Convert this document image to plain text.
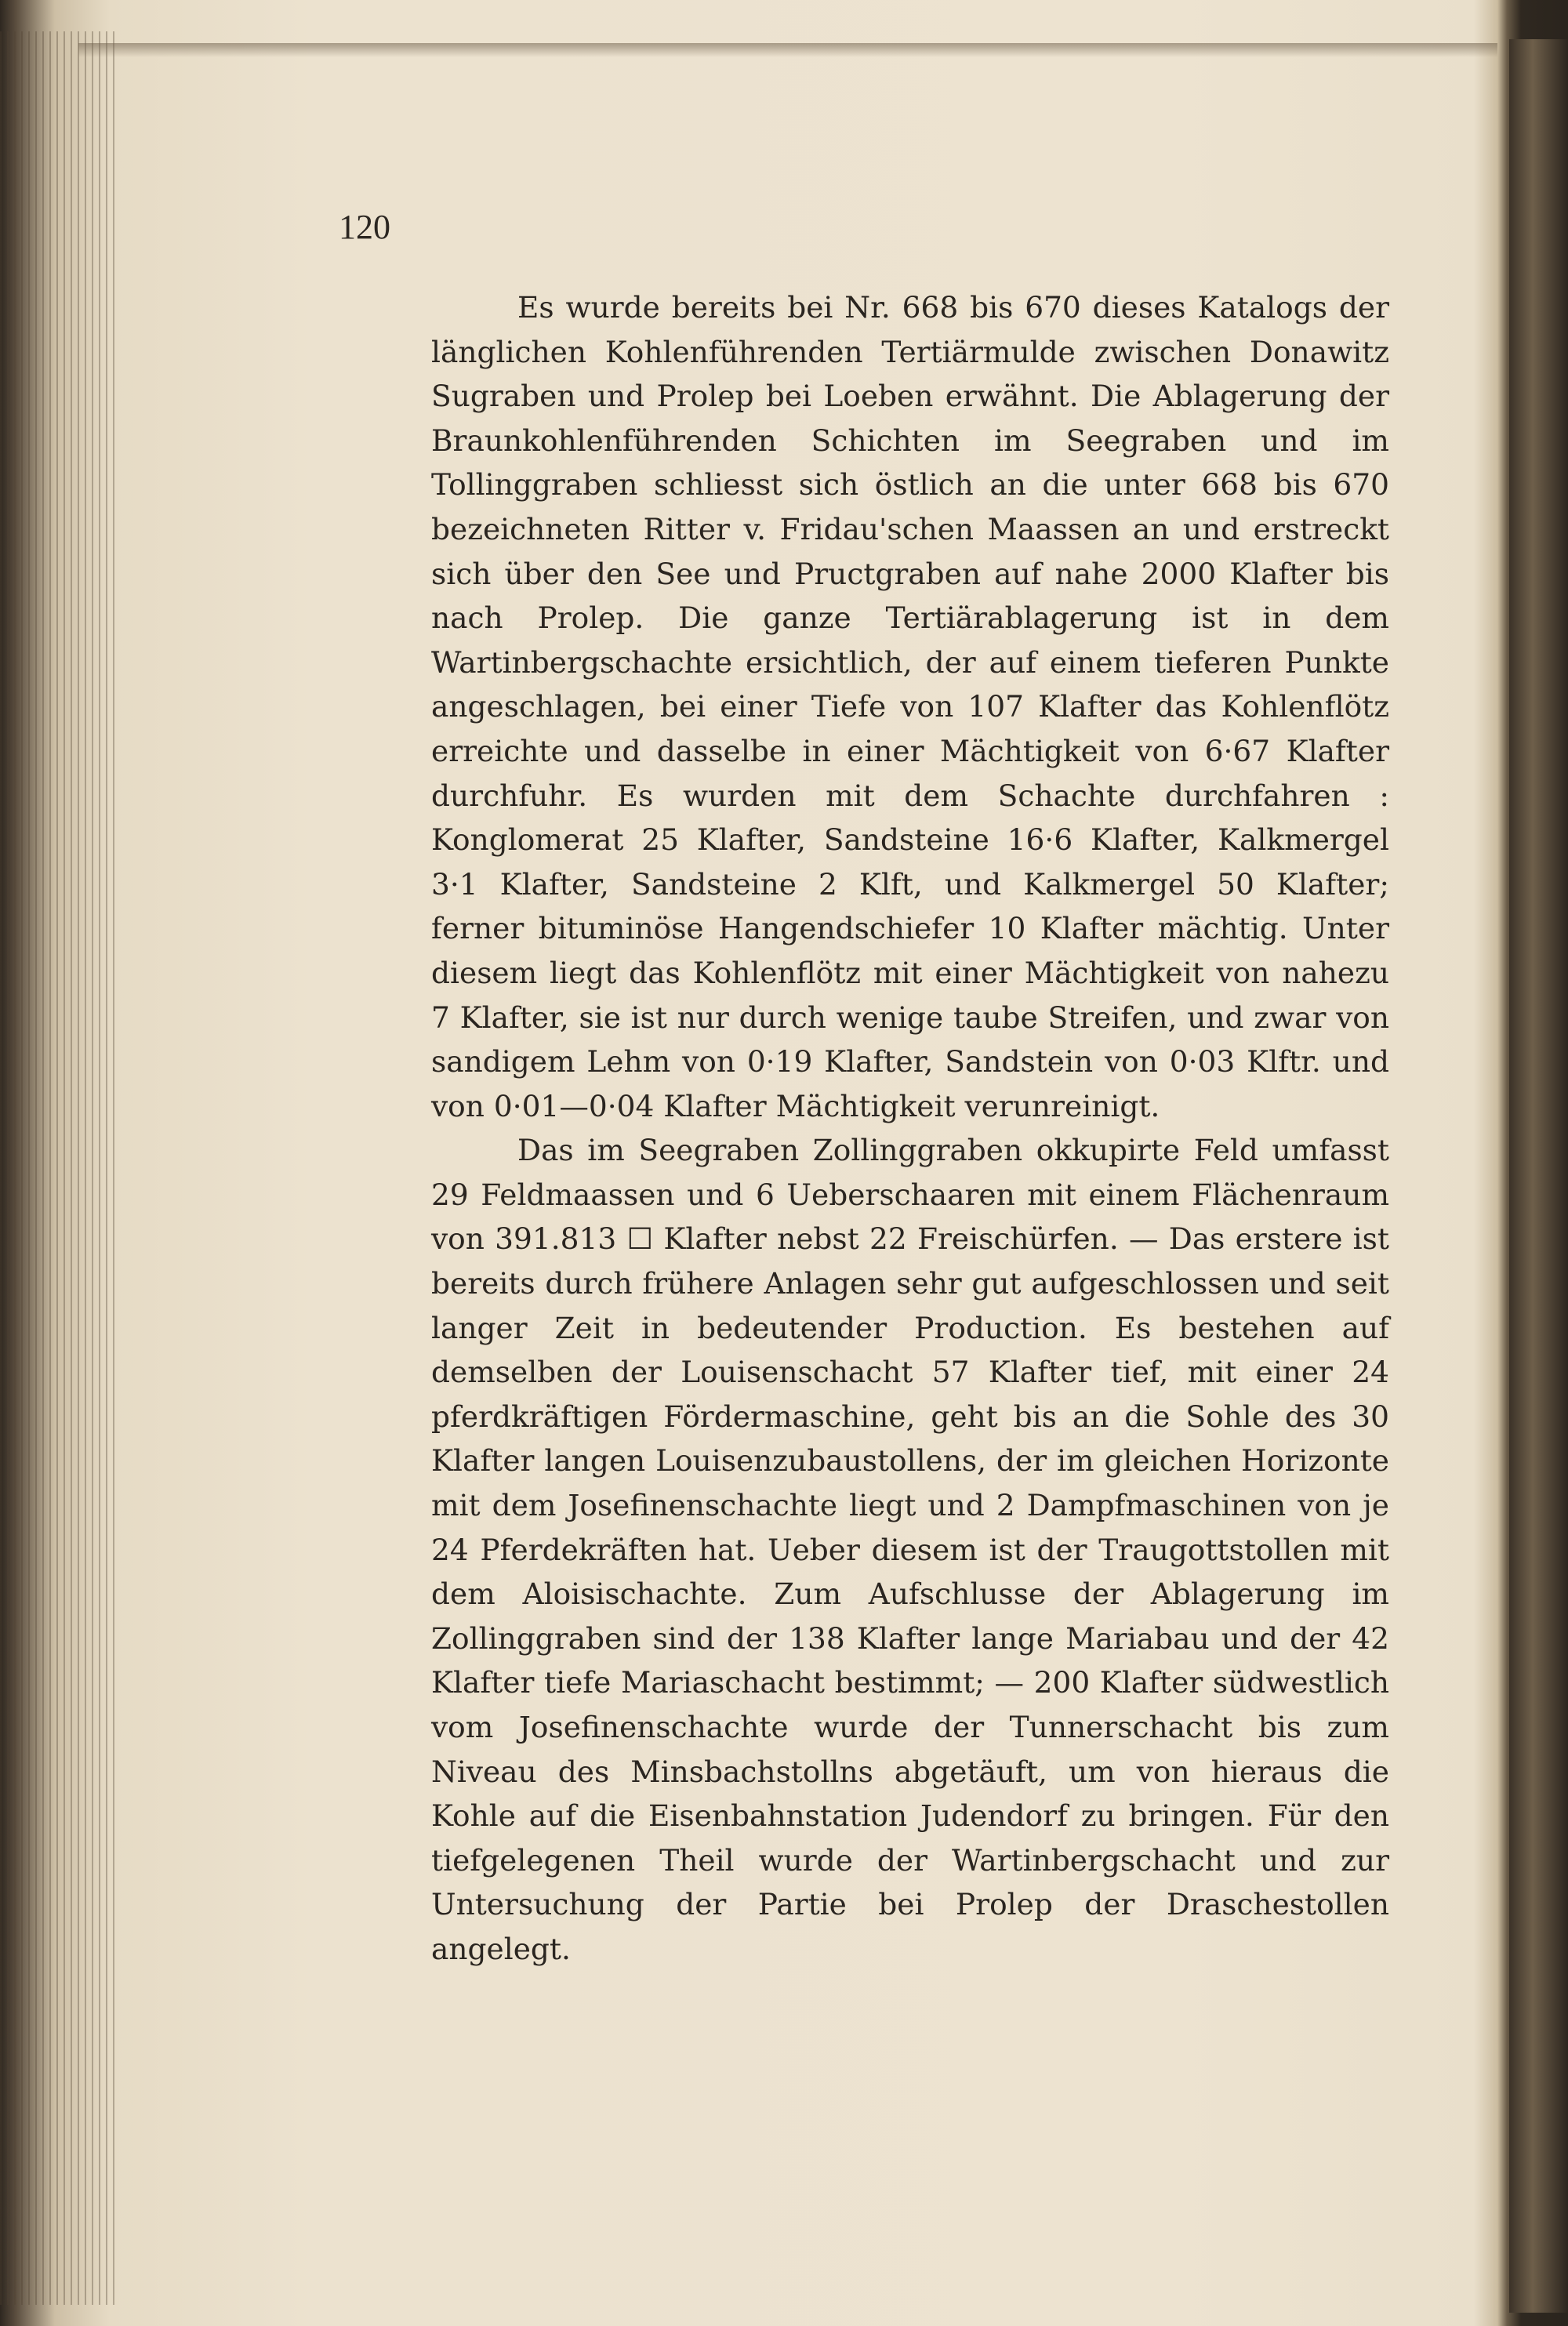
120

Es wurde bereits bei Nr. 668 bis 670 dieses Katalogs der länglichen Kohlenführenden Tertiärmulde zwischen Donawitz Sugraben und Prolep bei Loeben erwähnt. Die Ablagerung der Braunkohlenführenden Schichten im Seegraben und im Tollinggraben schliesst sich östlich an die unter 668 bis 670 bezeichneten Ritter v. Fridau'schen Maassen an und erstreckt sich über den See und Pructgraben auf nahe 2000 Klafter bis nach Prolep. Die ganze Tertiärablagerung ist in dem Wartinbergschachte ersichtlich, der auf einem tieferen Punkte angeschlagen, bei einer Tiefe von 107 Klafter das Kohlenflötz erreichte und dasselbe in einer Mächtigkeit von 6·67 Klafter durchfuhr. Es wurden mit dem Schachte durchfahren : Konglomerat 25 Klafter, Sandsteine 16·6 Klafter, Kalkmergel 3·1 Klafter, Sandsteine 2 Klft, und Kalkmergel 50 Klafter; ferner bituminöse Hangendschiefer 10 Klafter mächtig. Unter diesem liegt das Kohlenflötz mit einer Mächtigkeit von nahezu 7 Klafter, sie ist nur durch wenige taube Streifen, und zwar von sandigem Lehm von 0·19 Klafter, Sandstein von 0·03 Klftr. und von 0·01—0·04 Klafter Mächtigkeit verunreinigt.

Das im Seegraben Zollinggraben okkupirte Feld umfasst 29 Feldmaassen und 6 Ueberschaaren mit einem Flächenraum von 391.813 ☐ Klafter nebst 22 Freischürfen. — Das erstere ist bereits durch frühere Anlagen sehr gut aufgeschlossen und seit langer Zeit in bedeutender Production. Es bestehen auf demselben der Louisenschacht 57 Klafter tief, mit einer 24 pferdkräftigen Fördermaschine, geht bis an die Sohle des 30 Klafter langen Louisenzubaustollens, der im gleichen Horizonte mit dem Josefinenschachte liegt und 2 Dampfmaschinen von je 24 Pferdekräften hat. Ueber diesem ist der Traugottstollen mit dem Aloisischachte. Zum Aufschlusse der Ablagerung im Zollinggraben sind der 138 Klafter lange Mariabau und der 42 Klafter tiefe Mariaschacht bestimmt; — 200 Klafter südwestlich vom Josefinenschachte wurde der Tunnerschacht bis zum Niveau des Minsbachstollns abgetäuft, um von hieraus die Kohle auf die Eisenbahnstation Judendorf zu bringen. Für den tiefgelegenen Theil wurde der Wartinbergschacht und zur Untersuchung der Partie bei Prolep der Draschestollen angelegt.
